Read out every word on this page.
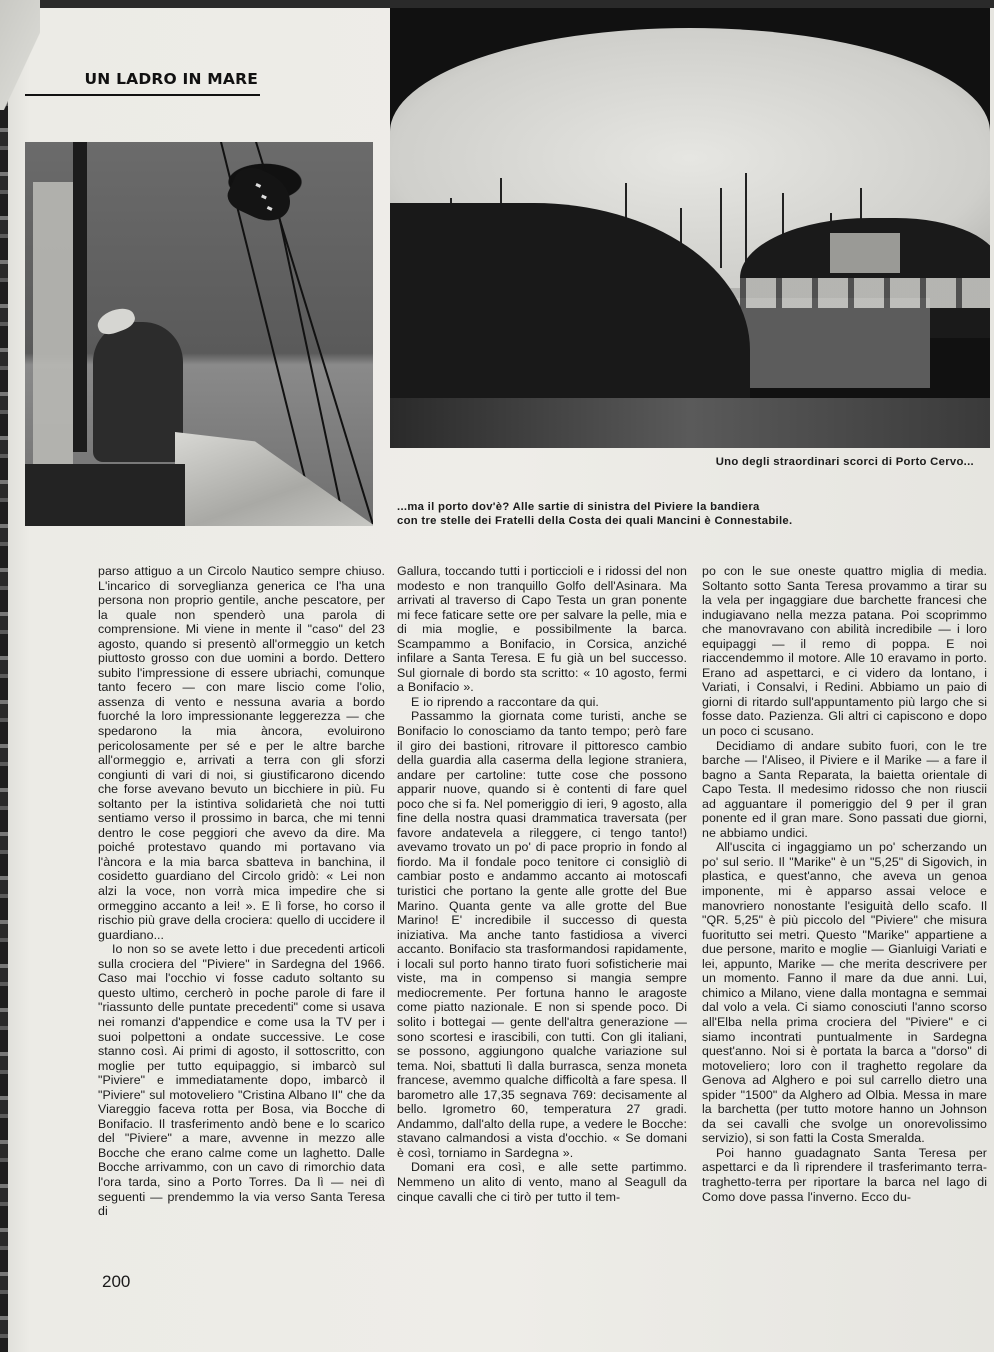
UN LADRO IN MARE
Uno degli straordinari scorci di Porto Cervo...
...ma il porto dov'è? Alle sartie di sinistra del Piviere la bandiera
con tre stelle dei Fratelli della Costa dei quali Mancini è Connestabile.

parso attiguo a un Circolo Nautico sempre chiuso. L'incarico di sorveglianza generica ce l'ha una persona non proprio gentile, anche pescatore, per la quale non spenderò una parola di comprensione. Mi viene in mente il "caso" del 23 agosto, quando si presentò all'ormeggio un ketch piuttosto grosso con due uomini a bordo. Dettero subito l'impressione di essere ubriachi, comunque tanto fecero — con mare liscio come l'olio, assenza di vento e nessuna avaria a bordo fuorché la loro impressionante leggerezza — che spedarono la mia àncora, evoluirono pericolosamente per sé e per le altre barche all'ormeggio e, arrivati a terra con gli sforzi congiunti di vari di noi, si giustificarono dicendo che forse avevano bevuto un bicchiere in più. Fu soltanto per la istintiva solidarietà che noi tutti sentiamo verso il prossimo in barca, che mi tenni dentro le cose peggiori che avevo da dire. Ma poiché protestavo quando mi portavano via l'àncora e la mia barca sbatteva in banchina, il cosidetto guardiano del Circolo gridò: « Lei non alzi la voce, non vorrà mica impedire che si ormeggino accanto a lei! ». E lì forse, ho corso il rischio più grave della crociera: quello di uccidere il guardiano...

Io non so se avete letto i due precedenti articoli sulla crociera del "Piviere" in Sardegna del 1966. Caso mai l'occhio vi fosse caduto soltanto su questo ultimo, cercherò in poche parole di fare il "riassunto delle puntate precedenti" come si usava nei romanzi d'appendice e come usa la TV per i suoi polpettoni a ondate successive. Le cose stanno così. Ai primi di agosto, il sottoscritto, con moglie per tutto equipaggio, si imbarcò sul "Piviere" e immediatamente dopo, imbarcò il "Piviere" sul motoveliero "Cristina Albano II" che da Viareggio faceva rotta per Bosa, via Bocche di Bonifacio. Il trasferimento andò bene e lo scarico del "Piviere" a mare, avvenne in mezzo alle Bocche che erano calme come un laghetto. Dalle Bocche arrivammo, con un cavo di rimorchio data l'ora tarda, sino a Porto Torres. Da lì — nei dì seguenti — prendemmo la via verso Santa Teresa di

Gallura, toccando tutti i porticcioli e i ridossi del non modesto e non tranquillo Golfo dell'Asinara. Ma arrivati al traverso di Capo Testa un gran ponente mi fece faticare sette ore per salvare la pelle, mia e di mia moglie, e possibilmente la barca. Scampammo a Bonifacio, in Corsica, anziché infilare a Santa Teresa. E fu già un bel successo. Sul giornale di bordo sta scritto: « 10 agosto, fermi a Bonifacio ».

E io riprendo a raccontare da qui.

Passammo la giornata come turisti, anche se Bonifacio lo conosciamo da tanto tempo; però fare il giro dei bastioni, ritrovare il pittoresco cambio della guardia alla caserma della legione straniera, andare per cartoline: tutte cose che possono apparir nuove, quando si è contenti di fare quel poco che si fa. Nel pomeriggio di ieri, 9 agosto, alla fine della nostra quasi drammatica traversata (per favore andatevela a rileggere, ci tengo tanto!) avevamo trovato un po' di pace proprio in fondo al fiordo. Ma il fondale poco tenitore ci consigliò di cambiar posto e andammo accanto ai motoscafi turistici che portano la gente alle grotte del Bue Marino. Quanta gente va alle grotte del Bue Marino! E' incredibile il successo di questa iniziativa. Ma anche tanto fastidiosa a viverci accanto. Bonifacio sta trasformandosi rapidamente, i locali sul porto hanno tirato fuori sofisticherie mai viste, ma in compenso si mangia sempre mediocremente. Per fortuna hanno le aragoste come piatto nazionale. E non si spende poco. Di solito i bottegai — gente dell'altra generazione — sono scortesi e irascibili, con tutti. Con gli italiani, se possono, aggiungono qualche variazione sul tema. Noi, sbattuti lì dalla burrasca, senza moneta francese, avemmo qualche difficoltà a fare spesa. Il barometro alle 17,35 segnava 769: decisamente al bello. Igrometro 60, temperatura 27 gradi. Andammo, dall'alto della rupe, a vedere le Bocche: stavano calmandosi a vista d'occhio. « Se domani è così, torniamo in Sardegna ».

Domani era così, e alle sette partimmo. Nemmeno un alito di vento, mano al Seagull da cinque cavalli che ci tirò per tutto il tem-

po con le sue oneste quattro miglia di media. Soltanto sotto Santa Teresa provammo a tirar su la vela per ingaggiare due barchette francesi che indugiavano nella mezza patana. Poi scoprimmo che manovravano con abilità incredibile — i loro equipaggi — il remo di poppa. E noi riaccendemmo il motore. Alle 10 eravamo in porto. Erano ad aspettarci, e ci videro da lontano, i Variati, i Consalvi, i Redini. Abbiamo un paio di giorni di ritardo sull'appuntamento più largo che si fosse dato. Pazienza. Gli altri ci capiscono e dopo un poco ci scusano.

Decidiamo di andare subito fuori, con le tre barche — l'Aliseo, il Piviere e il Marike — a fare il bagno a Santa Reparata, la baietta orientale di Capo Testa. Il medesimo ridosso che non riuscii ad agguantare il pomeriggio del 9 per il gran ponente ed il gran mare. Sono passati due giorni, ne abbiamo undici.

All'uscita ci ingaggiamo un po' scherzando un po' sul serio. Il "Marike" è un "5,25" di Sigovich, in plastica, e quest'anno, che aveva un genoa imponente, mi è apparso assai veloce e manovriero nonostante l'esiguità dello scafo. Il "QR. 5,25" è più piccolo del "Piviere" che misura fuoritutto sei metri. Questo "Marike" appartiene a due persone, marito e moglie — Gianluigi Variati e lei, appunto, Marike — che merita descrivere per un momento. Fanno il mare da due anni. Lui, chimico a Milano, viene dalla montagna e semmai dal volo a vela. Ci siamo conosciuti l'anno scorso all'Elba nella prima crociera del "Piviere" e ci siamo incontrati puntualmente in Sardegna quest'anno. Noi si è portata la barca a "dorso" di motoveliero; loro con il traghetto regolare da Genova ad Alghero e poi sul carrello dietro una spider "1500" da Alghero ad Olbia. Messa in mare la barchetta (per tutto motore hanno un Johnson da sei cavalli che svolge un onorevolissimo servizio), si son fatti la Costa Smeralda.

Poi hanno guadagnato Santa Teresa per aspettarci e da lì riprendere il trasferimanto terra-traghetto-terra per riportare la barca nel lago di Como dove passa l'inverno. Ecco du-

200
